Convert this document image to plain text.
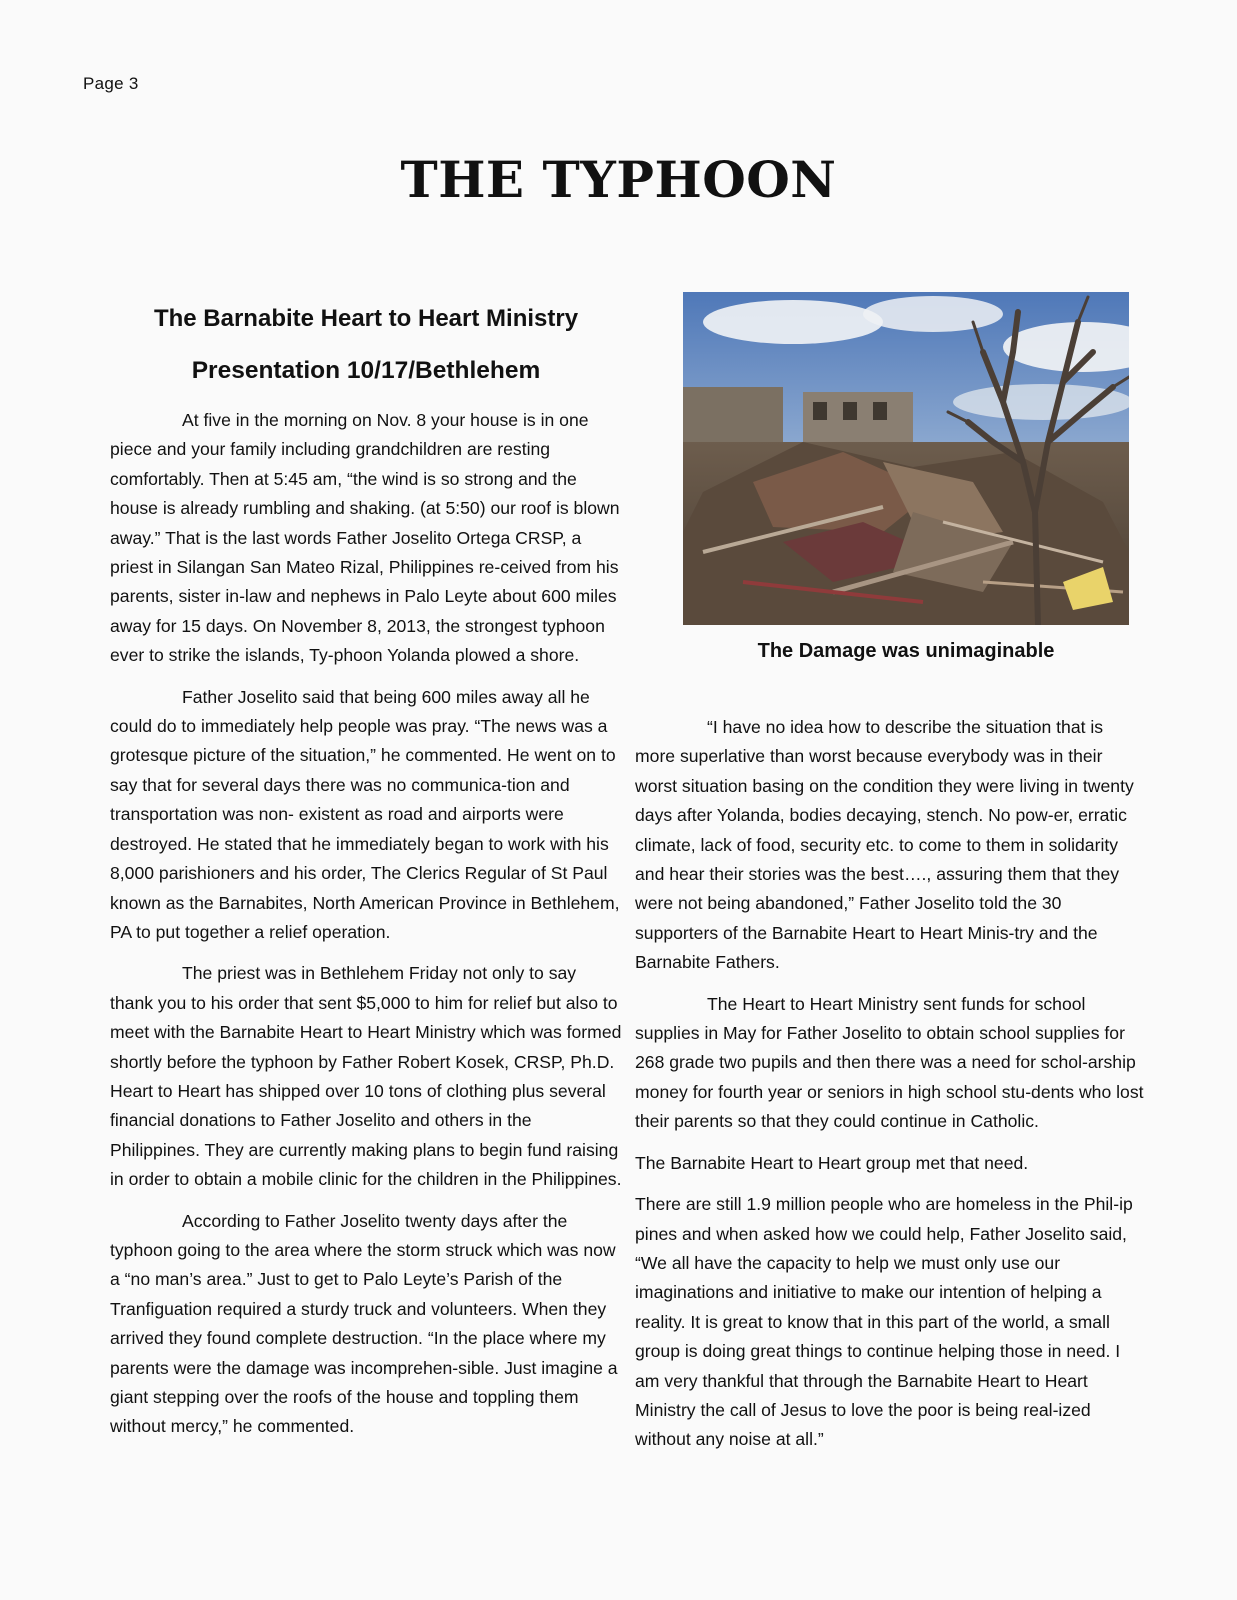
Page 3
THE TYPHOON
The Barnabite Heart to Heart Ministry
Presentation 10/17/Bethlehem

At five in the morning on Nov. 8 your house is in one piece and your family including grandchildren are resting comfortably. Then at 5:45 am, “the wind is so strong and the house is already rumbling and shaking. (at 5:50) our roof is blown away.” That is the last words Father Joselito Ortega CRSP, a priest in Silangan San Mateo Rizal, Philippines re-ceived from his parents, sister in-law and nephews in Palo Leyte about 600 miles away for 15 days. On November 8, 2013, the strongest typhoon ever to strike the islands, Ty-phoon Yolanda plowed a shore.

Father Joselito said that being 600 miles away all he could do to immediately help people was pray. “The news was a grotesque picture of the situation,” he commented. He went on to say that for several days there was no communica-tion and transportation was non- existent as road and airports were destroyed. He stated that he immediately began to work with his 8,000 parishioners and his order, The Clerics Regular of St Paul known as the Barnabites, North American Province in Bethlehem, PA to put together a relief operation.

The priest was in Bethlehem Friday not only to say thank you to his order that sent $5,000 to him for relief but also to meet with the Barnabite Heart to Heart Ministry which was formed shortly before the typhoon by Father Robert Kosek, CRSP, Ph.D. Heart to Heart has shipped over 10 tons of clothing plus several financial donations to Father Joselito and others in the Philippines. They are currently making plans to begin fund raising in order to obtain a mobile clinic for the children in the Philippines.

According to Father Joselito twenty days after the typhoon going to the area where the storm struck which was now a “no man’s area.” Just to get to Palo Leyte’s Parish of the Tranfiguation required a sturdy truck and volunteers. When they arrived they found complete destruction. “In the place where my parents were the damage was incomprehen-sible. Just imagine a giant stepping over the roofs of the house and toppling them without mercy,” he commented.

The Damage was unimaginable

“I have no idea how to describe the situation that is more superlative than worst because everybody was in their worst situation basing on the condition they were living in twenty days after Yolanda, bodies decaying, stench. No pow-er, erratic climate, lack of food, security etc. to come to them in solidarity and hear their stories was the best…., assuring them that they were not being abandoned,” Father Joselito told the 30 supporters of the Barnabite Heart to Heart Minis-try and the Barnabite Fathers.

The Heart to Heart Ministry sent funds for school supplies in May for Father Joselito to obtain school supplies for 268 grade two pupils and then there was a need for schol-arship money for fourth year or seniors in high school stu-dents who lost their parents so that they could continue in Catholic.

The Barnabite Heart to Heart group met that need.

There are still 1.9 million people who are homeless in the Phil-ip pines and when asked how we could help, Father Joselito said, “We all have the capacity to help we must only use our imaginations and initiative to make our intention of helping a reality. It is great to know that in this part of the world, a small group is doing great things to continue helping those in need. I am very thankful that through the Barnabite Heart to Heart Ministry the call of Jesus to love the poor is being real-ized without any noise at all.”
